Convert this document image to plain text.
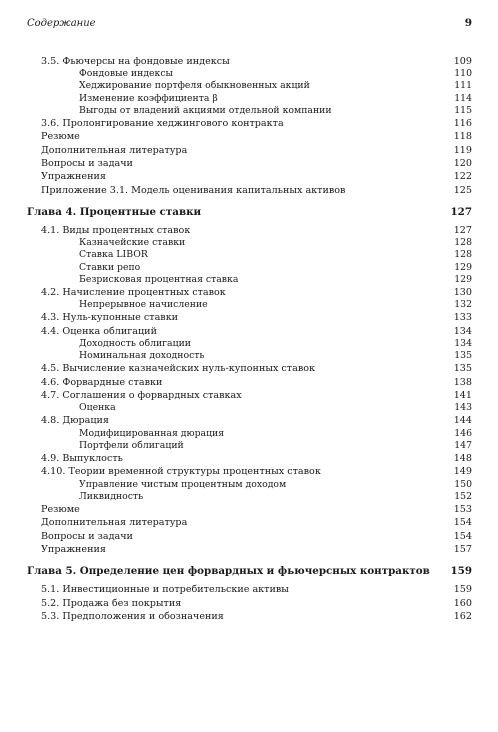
Содержание	9
3.5. Фьючерсы на фондовые индексы	109
Фондовые индексы	110
Хеджирование портфеля обыкновенных акций	111
Изменение коэффициента β	114
Выгоды от владений акциями отдельной компании	115
3.6. Пролонгирование хеджингового контракта	116
Резюме	118
Дополнительная литература	119
Вопросы и задачи	120
Упражнения	122
Приложение 3.1. Модель оценивания капитальных активов	125
Глава 4. Процентные ставки	127
4.1. Виды процентных ставок	127
Казначейские ставки	128
Ставка LIBOR	128
Ставки репо	129
Безрисковая процентная ставка	129
4.2. Начисление процентных ставок	130
Непрерывное начисление	132
4.3. Нуль-купонные ставки	133
4.4. Оценка облигаций	134
Доходность облигации	134
Номинальная доходность	135
4.5. Вычисление казначейских нуль-купонных ставок	135
4.6. Форвардные ставки	138
4.7. Соглашения о форвардных ставках	141
Оценка	143
4.8. Дюрация	144
Модифицированная дюрация	146
Портфели облигаций	147
4.9. Выпуклость	148
4.10. Теории временной структуры процентных ставок	149
Управление чистым процентным доходом	150
Ликвидность	152
Резюме	153
Дополнительная литература	154
Вопросы и задачи	154
Упражнения	157
Глава 5. Определение цен форвардных и фьючерсных контрактов	159
5.1. Инвестиционные и потребительские активы	159
5.2. Продажа без покрытия	160
5.3. Предположения и обозначения	162
